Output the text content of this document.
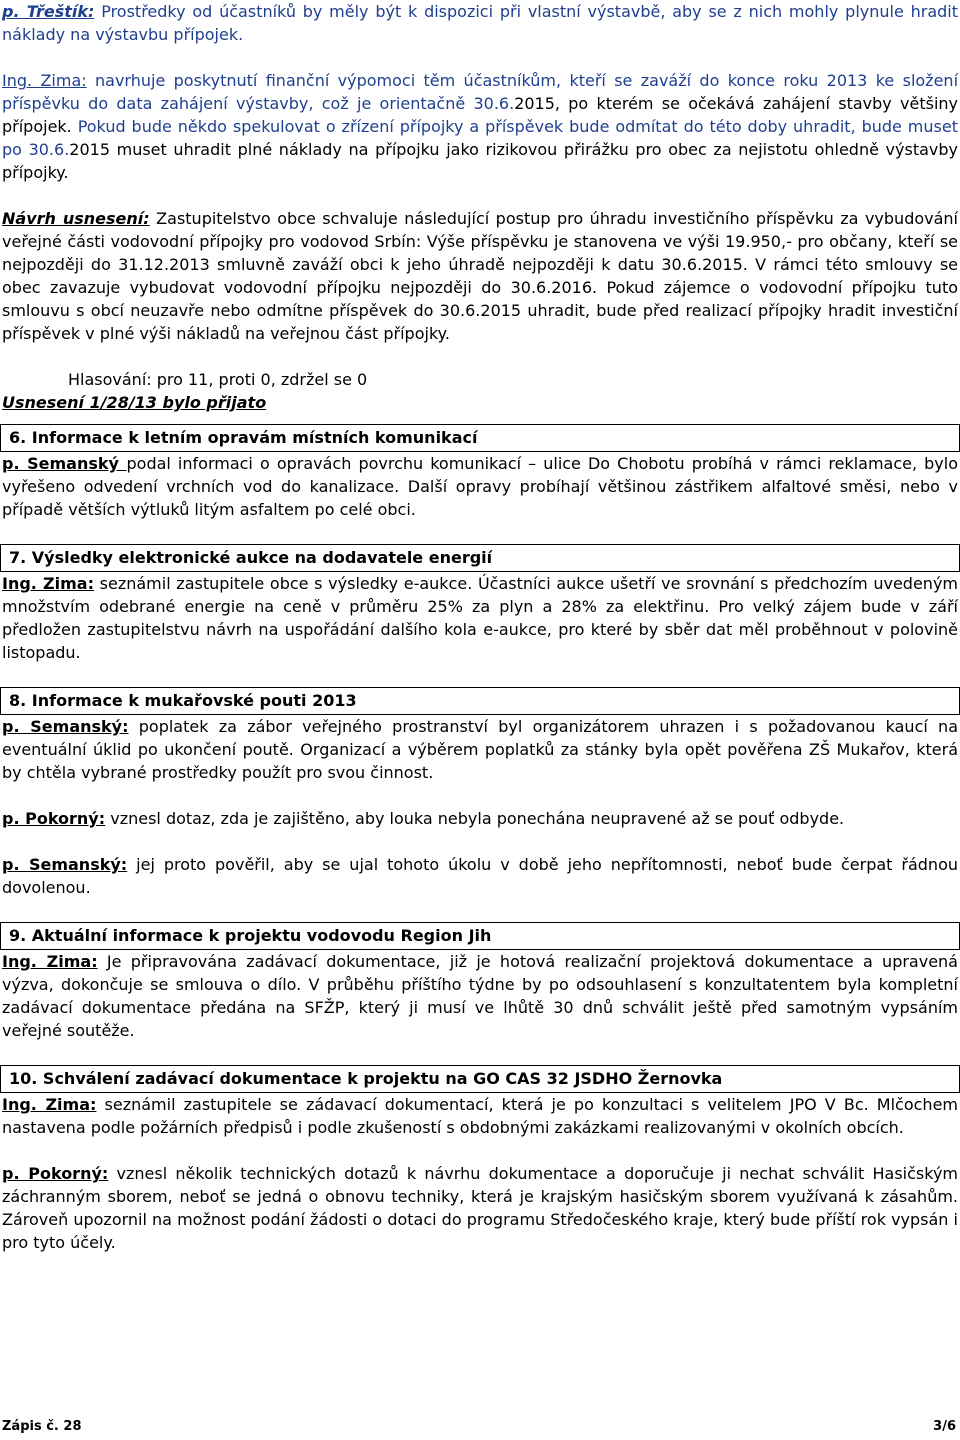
p. Třeštík: Prostředky od účastníků by měly být k dispozici při vlastní výstavbě, aby se z nich mohly plynule hradit náklady na výstavbu přípojek.

Ing. Zima: navrhuje poskytnutí finanční výpomoci těm účastníkům, kteří se zaváží do konce roku 2013 ke složení příspěvku do data zahájení výstavby, což je orientačně 30.6.2015, po kterém se očekává zahájení stavby většiny přípojek. Pokud bude někdo spekulovat o zřízení přípojky a příspěvek bude odmítat do této doby uhradit, bude muset po 30.6.2015 muset uhradit plné náklady na přípojku jako rizikovou přirážku pro obec za nejistotu ohledně výstavby přípojky.

Návrh usnesení: Zastupitelstvo obce schvaluje následující postup pro úhradu investičního příspěvku za vybudování veřejné části vodovodní přípojky pro vodovod Srbín: Výše příspěvku je stanovena ve výši 19.950,- pro občany, kteří se nejpozději do 31.12.2013 smluvně zaváží obci k jeho úhradě nejpozději k datu 30.6.2015. V rámci této smlouvy se obec zavazuje vybudovat vodovodní přípojku nejpozději do 30.6.2016. Pokud zájemce o vodovodní přípojku tuto smlouvu s obcí neuzavře nebo odmítne příspěvek do 30.6.2015 uhradit, bude před realizací přípojky hradit investiční příspěvek v plné výši nákladů na veřejnou část přípojky.

Hlasování: pro 11, proti 0, zdržel se 0

Usnesení 1/28/13 bylo přijato

6. Informace k letním opravám místních komunikací

p. Semanský podal informaci o opravách povrchu komunikací – ulice Do Chobotu probíhá v rámci reklamace, bylo vyřešeno odvedení vrchních vod do kanalizace. Další opravy probíhají většinou zástřikem alfaltové směsi, nebo v případě větších výtluků litým asfaltem po celé obci.

7. Výsledky elektronické aukce na dodavatele energií

Ing. Zima: seznámil zastupitele obce s výsledky e-aukce. Účastníci aukce ušetří ve srovnání s předchozím uvedeným množstvím odebrané energie na ceně v průměru 25% za plyn a 28% za elektřinu. Pro velký zájem bude v září předložen zastupitelstvu návrh na uspořádání dalšího kola e-aukce, pro které by sběr dat měl proběhnout v polovině listopadu.

8. Informace k mukařovské pouti 2013

p. Semanský: poplatek za zábor veřejného prostranství byl organizátorem uhrazen i s požadovanou kaucí na eventuální úklid po ukončení poutě. Organizací a výběrem poplatků za stánky byla opět pověřena ZŠ Mukařov, která by chtěla vybrané prostředky použít pro svou činnost.

p. Pokorný: vznesl dotaz, zda je zajištěno, aby louka nebyla ponechána neupravené až se pouť odbyde.

p. Semanský: jej proto pověřil, aby se ujal tohoto úkolu v době jeho nepřítomnosti, neboť bude čerpat řádnou dovolenou.

9. Aktuální informace k projektu vodovodu Region Jih

Ing. Zima: Je připravována zadávací dokumentace, již je hotová realizační projektová dokumentace a upravená výzva, dokončuje se smlouva o dílo. V průběhu příštího týdne by po odsouhlasení s konzultatentem byla kompletní zadávací dokumentace předána na SFŽP, který ji musí ve lhůtě 30 dnů schválit ještě před samotným vypsáním veřejné soutěže.

10. Schválení zadávací dokumentace k projektu na GO CAS 32 JSDHO Žernovka

Ing. Zima: seznámil zastupitele se zádavací dokumentací, která je po konzultaci s velitelem JPO V Bc. Mlčochem nastavena podle požárních předpisů i podle zkušeností s obdobnými zakázkami realizovanými v okolních obcích.

p. Pokorný: vznesl několik technických dotazů k návrhu dokumentace a doporučuje ji nechat schválit Hasičským záchranným sborem, neboť se jedná o obnovu techniky, která je krajským hasičským sborem využívaná k zásahům. Zároveň upozornil na možnost podání žádosti o dotaci do programu Středočeského kraje, který bude příští rok vypsán i pro tyto účely.

Zápis č. 28	3/6
